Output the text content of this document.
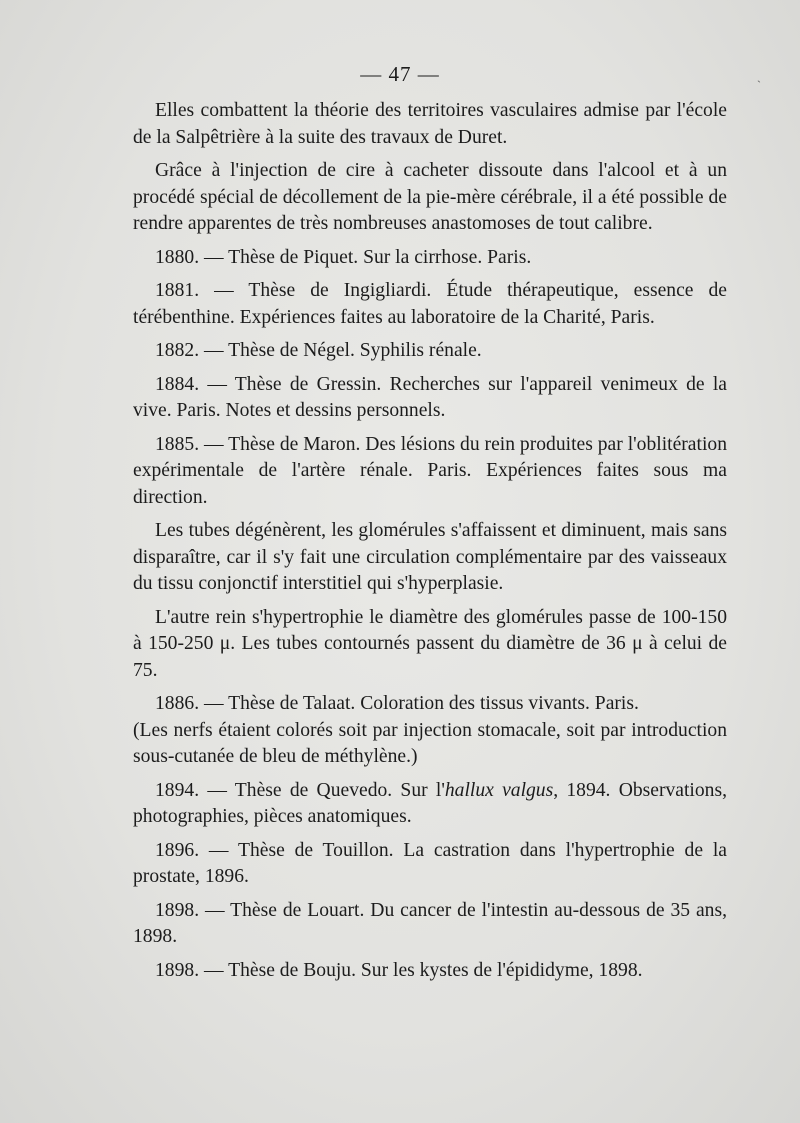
— 47 —	`

Elles combattent la théorie des territoires vasculaires admise par l'école de la Salpêtrière à la suite des travaux de Duret.

Grâce à l'injection de cire à cacheter dissoute dans l'alcool et à un procédé spécial de décollement de la pie-mère cérébrale, il a été possible de rendre apparentes de très nombreuses anastomoses de tout calibre.

1880. — Thèse de Piquet. Sur la cirrhose. Paris.

1881. — Thèse de Ingigliardi. Étude thérapeutique, essence de térébenthine. Expériences faites au laboratoire de la Charité, Paris.

1882. — Thèse de Négel. Syphilis rénale.

1884. — Thèse de Gressin. Recherches sur l'appareil venimeux de la vive. Paris. Notes et dessins personnels.

1885. — Thèse de Maron. Des lésions du rein produites par l'oblitération expérimentale de l'artère rénale. Paris. Expériences faites sous ma direction.

Les tubes dégénèrent, les glomérules s'affaissent et diminuent, mais sans disparaître, car il s'y fait une circulation complémentaire par des vaisseaux du tissu conjonctif interstitiel qui s'hyperplasie.

L'autre rein s'hypertrophie le diamètre des glomérules passe de 100-150 à 150-250 μ. Les tubes contournés passent du diamètre de 36 μ à celui de 75.

1886. — Thèse de Talaat. Coloration des tissus vivants. Paris.

(Les nerfs étaient colorés soit par injection stomacale, soit par introduction sous-cutanée de bleu de méthylène.)

1894. — Thèse de Quevedo. Sur l'hallux valgus, 1894. Observations, photographies, pièces anatomiques.

1896. — Thèse de Touillon. La castration dans l'hypertrophie de la prostate, 1896.

1898. — Thèse de Louart. Du cancer de l'intestin au-dessous de 35 ans, 1898.

1898. — Thèse de Bouju. Sur les kystes de l'épididyme, 1898.
